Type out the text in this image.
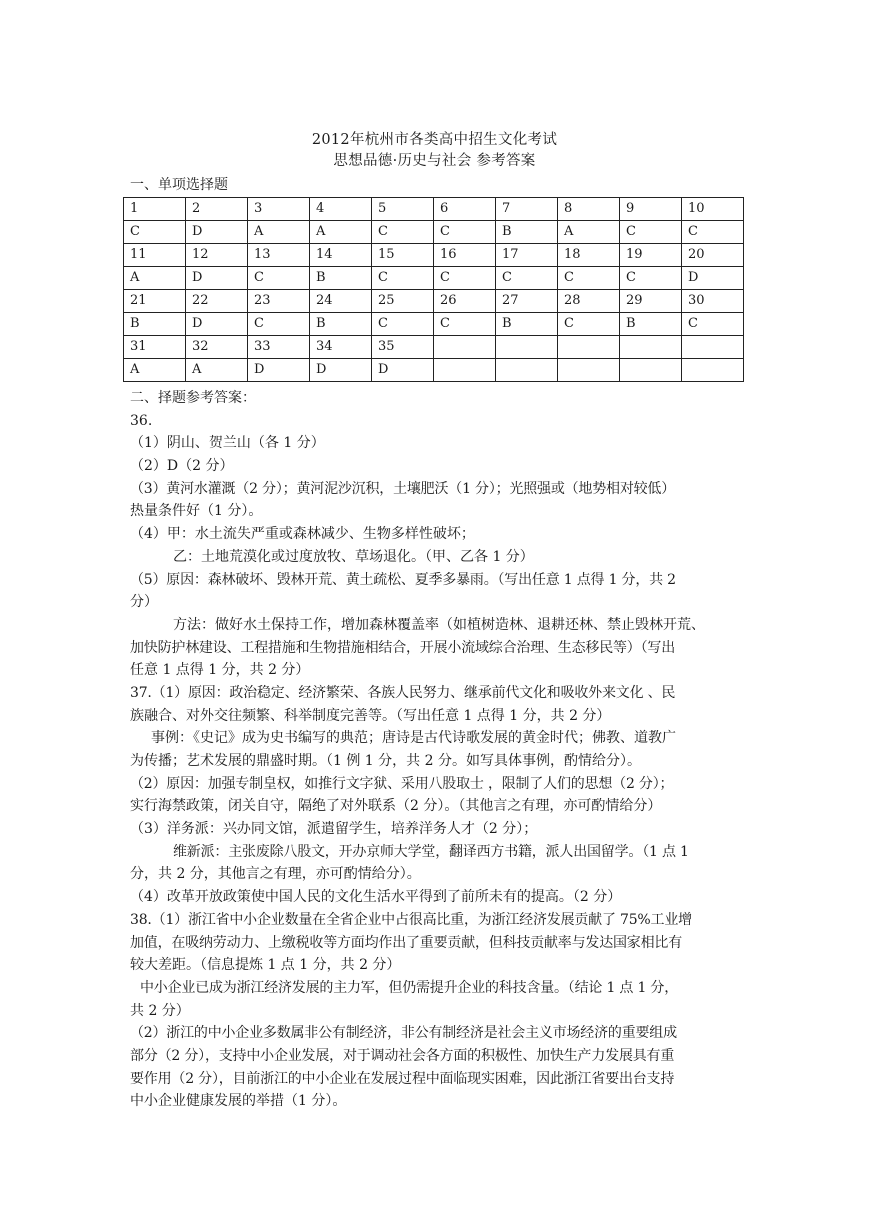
2012年杭州市各类高中招生文化考试
思想品德·历史与社会 参考答案
一、单项选择题
1	2	3	4	5	6	7	8	9	10
C	D	A	A	C	C	B	A	C	C
11	12	13	14	15	16	17	18	19	20
A	D	C	B	C	C	C	C	C	D
21	22	23	24	25	26	27	28	29	30
B	D	C	B	C	C	B	C	B	C
31	32	33	34	35					
A	A	D	D	D					
二、择题参考答案：
36.
（1）阴山、贺兰山（各 1 分）
（2）D（2 分）
（3）黄河水灌溉（2 分）；黄河泥沙沉积，土壤肥沃（1 分）；光照强或（地势相对较低）
热量条件好（1 分）。
（4）甲：水土流失严重或森林减少、生物多样性破坏；
乙：土地荒漠化或过度放牧、草场退化。（甲、乙各 1 分）
（5）原因：森林破坏、毁林开荒、黄土疏松、夏季多暴雨。（写出任意 1 点得 1 分，共 2
分）
方法：做好水土保持工作，增加森林覆盖率（如植树造林、退耕还林、禁止毁林开荒、
加快防护林建设、工程措施和生物措施相结合，开展小流域综合治理、生态移民等）（写出
任意 1 点得 1 分，共 2 分）
37.（1）原因：政治稳定、经济繁荣、各族人民努力、继承前代文化和吸收外来文化 、民
族融合、对外交往频繁、科举制度完善等。（写出任意 1 点得 1 分，共 2 分）
事例：《史记》成为史书编写的典范；唐诗是古代诗歌发展的黄金时代；佛教、道教广
为传播；艺术发展的鼎盛时期。（1 例 1 分，共 2 分。如写具体事例，酌情给分）。
（2）原因：加强专制皇权，如推行文字狱、采用八股取士 ，限制了人们的思想（2 分）；
实行海禁政策，闭关自守，隔绝了对外联系（2 分）。（其他言之有理，亦可酌情给分）
（3）洋务派：兴办同文馆，派遣留学生，培养洋务人才（2 分）；
维新派：主张废除八股文，开办京师大学堂，翻译西方书籍，派人出国留学。（1 点 1
分，共 2 分，其他言之有理，亦可酌情给分）。
（4）改革开放政策使中国人民的文化生活水平得到了前所未有的提高。（2 分）
38.（1）浙江省中小企业数量在全省企业中占很高比重，为浙江经济发展贡献了 75%工业增
加值，在吸纳劳动力、上缴税收等方面均作出了重要贡献，但科技贡献率与发达国家相比有
较大差距。（信息提炼 1 点 1 分，共 2 分）
中小企业已成为浙江经济发展的主力军，但仍需提升企业的科技含量。（结论 1 点 1 分，
共 2 分）
（2）浙江的中小企业多数属非公有制经济，非公有制经济是社会主义市场经济的重要组成
部分（2 分），支持中小企业发展，对于调动社会各方面的积极性、加快生产力发展具有重
要作用（2 分），目前浙江的中小企业在发展过程中面临现实困难，因此浙江省要出台支持
中小企业健康发展的举措（1 分）。
